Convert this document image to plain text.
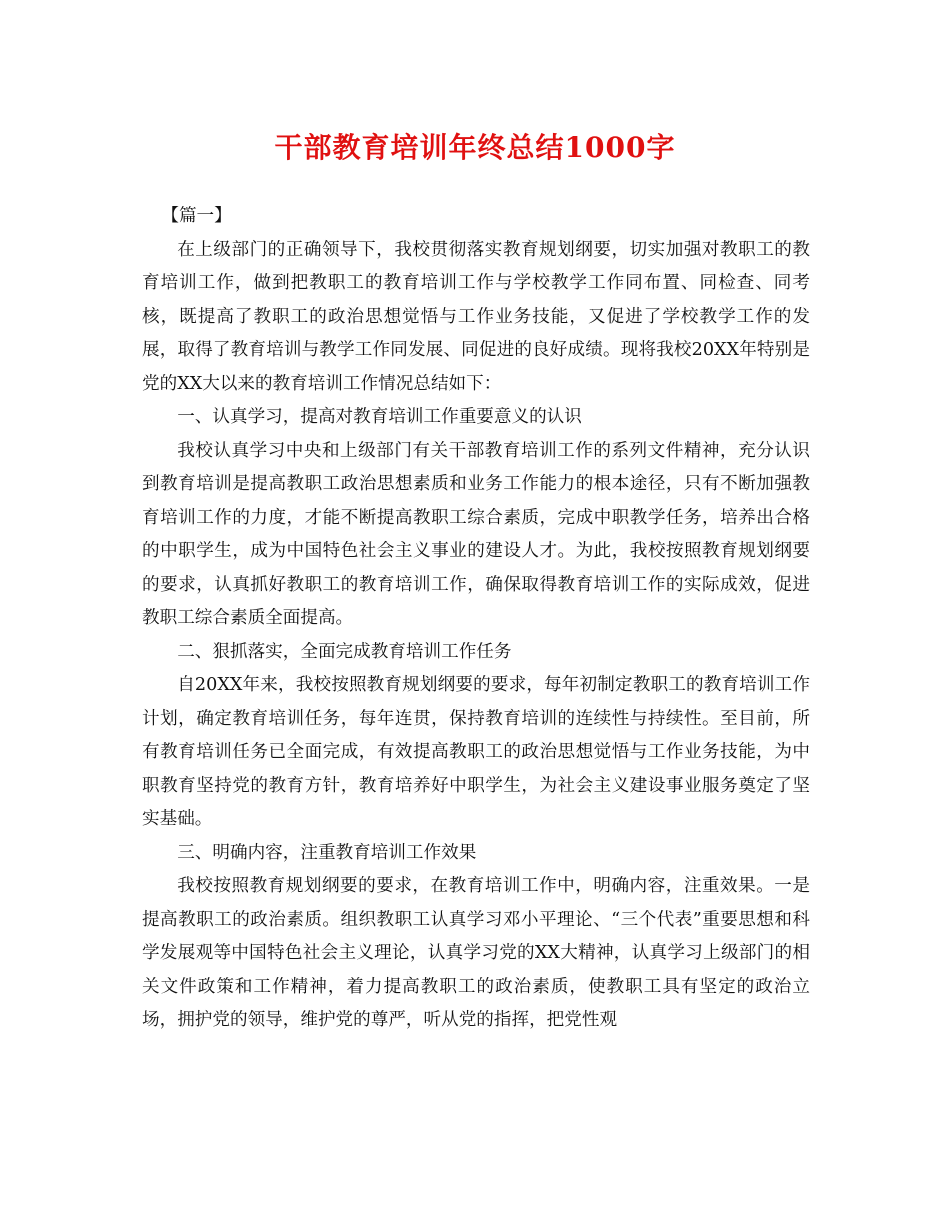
干部教育培训年终总结1000字

【篇一】

在上级部门的正确领导下，我校贯彻落实教育规划纲要，切实加强对教职工的教育培训工作，做到把教职工的教育培训工作与学校教学工作同布置、同检查、同考核，既提高了教职工的政治思想觉悟与工作业务技能，又促进了学校教学工作的发展，取得了教育培训与教学工作同发展、同促进的良好成绩。现将我校20XX年特别是党的XX大以来的教育培训工作情况总结如下：

一、认真学习，提高对教育培训工作重要意义的认识

我校认真学习中央和上级部门有关干部教育培训工作的系列文件精神，充分认识到教育培训是提高教职工政治思想素质和业务工作能力的根本途径，只有不断加强教育培训工作的力度，才能不断提高教职工综合素质，完成中职教学任务，培养出合格的中职学生，成为中国特色社会主义事业的建设人才。为此，我校按照教育规划纲要的要求，认真抓好教职工的教育培训工作，确保取得教育培训工作的实际成效，促进教职工综合素质全面提高。

二、狠抓落实，全面完成教育培训工作任务

自20XX年来，我校按照教育规划纲要的要求，每年初制定教职工的教育培训工作计划，确定教育培训任务，每年连贯，保持教育培训的连续性与持续性。至目前，所有教育培训任务已全面完成，有效提高教职工的政治思想觉悟与工作业务技能，为中职教育坚持党的教育方针，教育培养好中职学生，为社会主义建设事业服务奠定了坚实基础。

三、明确内容，注重教育培训工作效果

我校按照教育规划纲要的要求，在教育培训工作中，明确内容，注重效果。一是提高教职工的政治素质。组织教职工认真学习邓小平理论、“三个代表”重要思想和科学发展观等中国特色社会主义理论，认真学习党的XX大精神，认真学习上级部门的相关文件政策和工作精神，着力提高教职工的政治素质，使教职工具有坚定的政治立场，拥护党的领导，维护党的尊严，听从党的指挥，把党性观
